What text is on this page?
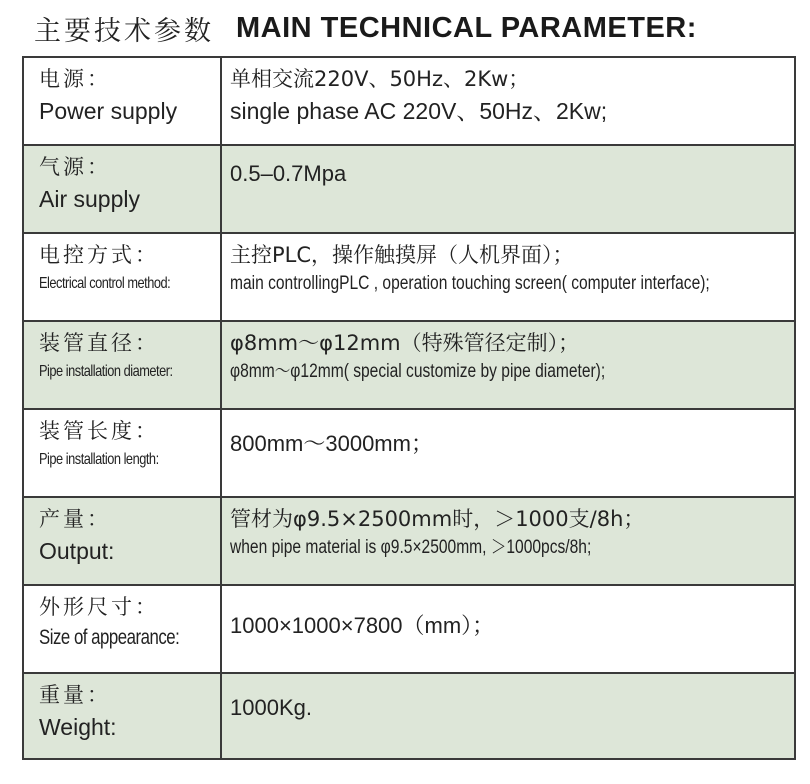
主要技术参数 MAIN TECHNICAL PARAMETER:
电源：
Power supply
单相交流220V、50Hz、2Kw；
single phase AC 220V、50Hz、2Kw;
气源：
Air supply
0.5–0.7Mpa
电控方式：
Electrical control method:
主控PLC，操作触摸屏（人机界面）；
main controllingPLC , operation touching screen( computer interface);
装管直径：
Pipe installation diameter:
φ8mm～φ12mm（特殊管径定制）；
φ8mm～φ12mm( special customize by pipe diameter);
装管长度：
Pipe installation length:
800mm～3000mm；
产量：
Output:
管材为φ9.5×2500mm时，＞1000支/8h；
when pipe material is φ9.5×2500mm, ＞1000pcs/8h;
外形尺寸：
Size of appearance:	1000×1000×7800（mm）；
重量：
Weight:
1000Kg.
